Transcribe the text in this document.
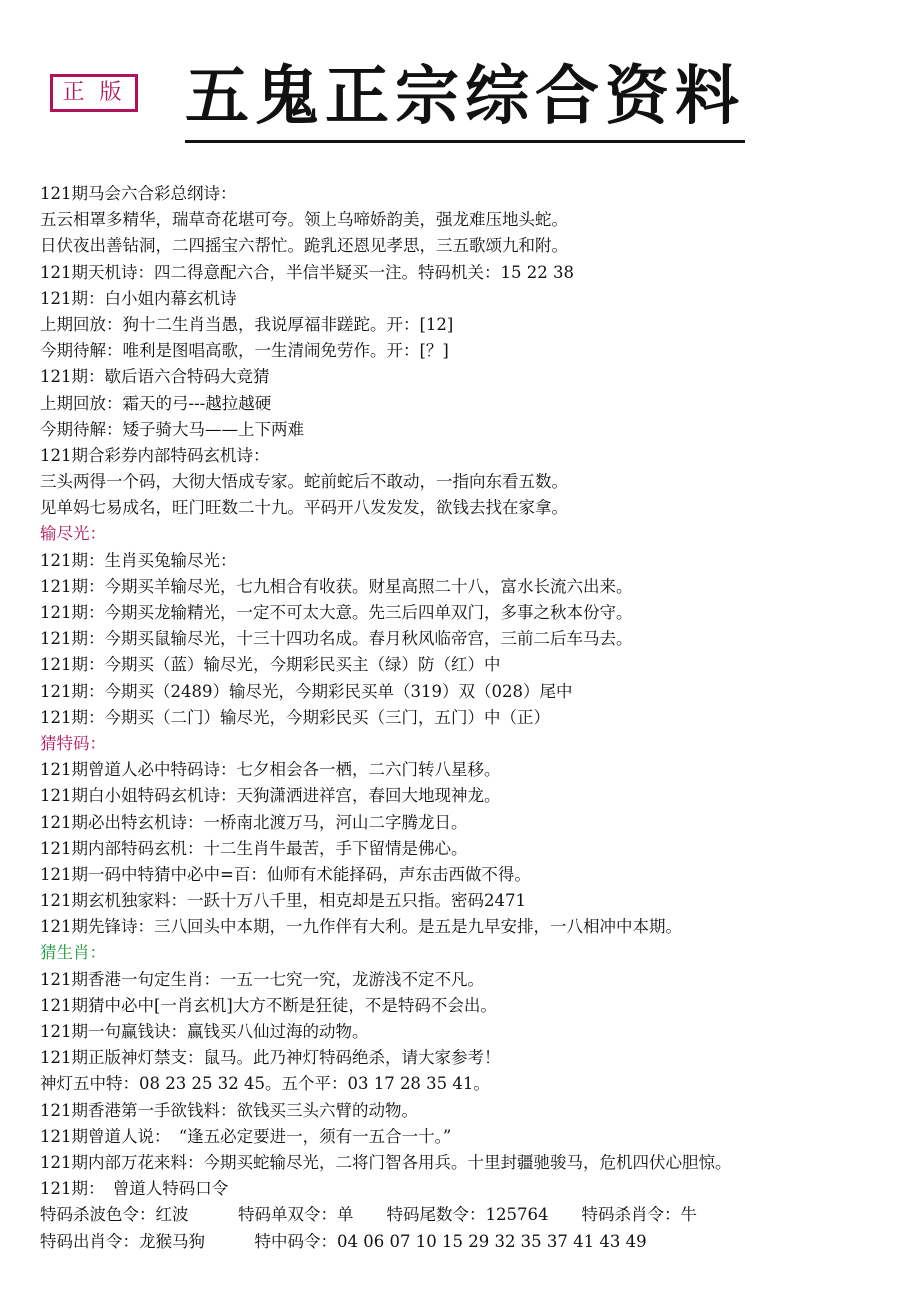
正 版 五鬼正宗综合资料
121期马会六合彩总纲诗：
五云相罩多精华，瑞草奇花堪可夸。领上乌啼娇韵美，强龙难压地头蛇。
日伏夜出善钻洞，二四摇宝六帮忙。跪乳还恩见孝思，三五歌颂九和附。
121期天机诗：四二得意配六合，半信半疑买一注。特码机关：15 22 38
121期：白小姐内幕玄机诗
上期回放：狗十二生肖当愚，我说厚福非蹉跎。开：[12]
今期待解：唯利是图唱高歌，一生清闹免劳作。开：[？]
121期：歇后语六合特码大竞猜
上期回放：霜天的弓---越拉越硬
今期待解：矮子骑大马——上下两难
121期合彩券内部特码玄机诗：
三头两得一个码，大彻大悟成专家。蛇前蛇后不敢动，一指向东看五数。
见单妈七易成名，旺门旺数二十九。平码开八发发发，欲钱去找在家拿。
输尽光：
121期：生肖买兔输尽光：
121期：今期买羊输尽光，七九相合有收获。财星高照二十八，富水长流六出来。
121期：今期买龙输精光，一定不可太大意。先三后四单双门，多事之秋本份守。
121期：今期买鼠输尽光，十三十四功名成。春月秋风临帝宫，三前二后车马去。
121期：今期买（蓝）输尽光，今期彩民买主（绿）防（红）中
121期：今期买（2489）输尽光，今期彩民买单（319）双（028）尾中
121期：今期买（二门）输尽光，今期彩民买（三门，五门）中（正）
猜特码：
121期曾道人必中特码诗：七夕相会各一栖，二六门转八星移。
121期白小姐特码玄机诗：天狗潇洒进祥宫，春回大地现神龙。
121期必出特玄机诗：一桥南北渡万马，河山二字腾龙日。
121期内部特码玄机：十二生肖牛最苦，手下留情是佛心。
121期一码中特猜中必中=百：仙师有术能择码，声东击西做不得。
121期玄机独家料：一跃十万八千里，相克却是五只指。密码2471
121期先锋诗：三八回头中本期，一九作伴有大利。是五是九早安排，一八相冲中本期。
猜生肖：
121期香港一句定生肖：一五一七究一究，龙游浅不定不凡。
121期猜中必中[一肖玄机]大方不断是狂徒，不是特码不会出。
121期一句赢钱诀：赢钱买八仙过海的动物。
121期正版神灯禁支：鼠马。此乃神灯特码绝杀，请大家参考！
神灯五中特：08 23 25 32 45。五个平：03 17 28 35 41。
121期香港第一手欲钱料：欲钱买三头六臂的动物。
121期曾道人说：　“逢五必定要进一，须有一五合一十。”
121期内部万花来料：今期买蛇输尽光，二将门智各用兵。十里封疆驰骏马，危机四伏心胆惊。
121期：　曾道人特码口令
特码杀波色令：红波　　　特码单双令：单　　特码尾数令：125764　　特码杀肖令：牛
特码出肖令：龙猴马狗　　　特中码令：04 06 07 10 15 29 32 35 37 41 43 49
